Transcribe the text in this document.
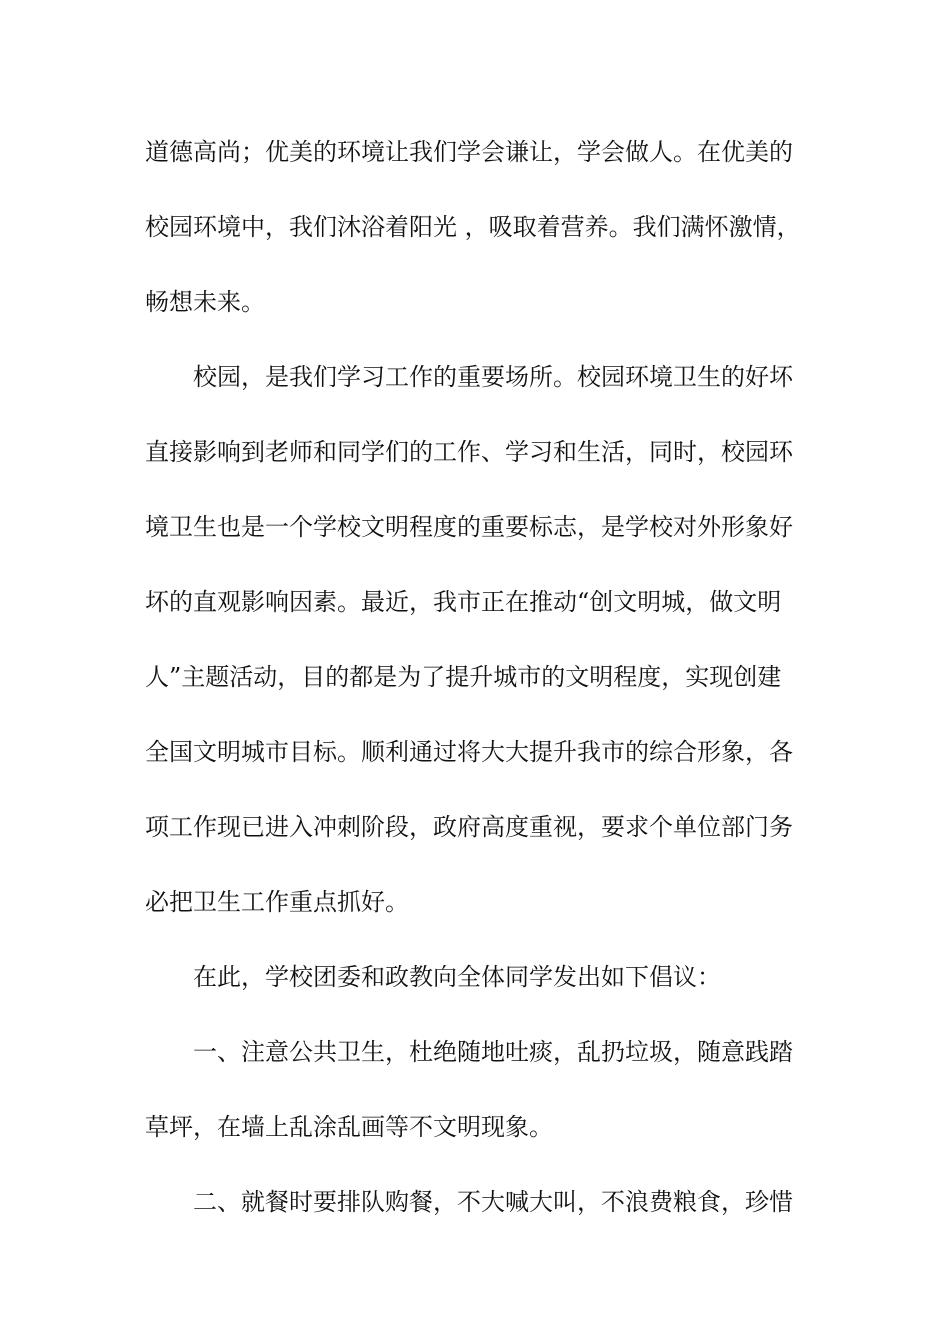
道德高尚；优美的环境让我们学会谦让，学会做人。在优美的
校园环境中，我们沐浴着阳光 ，吸取着营养。我们满怀激情，
畅想未来。
校园，是我们学习工作的重要场所。校园环境卫生的好坏
直接影响到老师和同学们的工作、学习和生活，同时，校园环
境卫生也是一个学校文明程度的重要标志，是学校对外形象好
坏的直观影响因素。最近，我市正在推动“创文明城，做文明
人”主题活动，目的都是为了提升城市的文明程度，实现创建
全国文明城市目标。顺利通过将大大提升我市的综合形象，各
项工作现已进入冲刺阶段，政府高度重视，要求个单位部门务
必把卫生工作重点抓好。
在此，学校团委和政教向全体同学发出如下倡议：
一、注意公共卫生，杜绝随地吐痰，乱扔垃圾，随意践踏
草坪，在墙上乱涂乱画等不文明现象。
二、就餐时要排队购餐，不大喊大叫，不浪费粮食，珍惜
